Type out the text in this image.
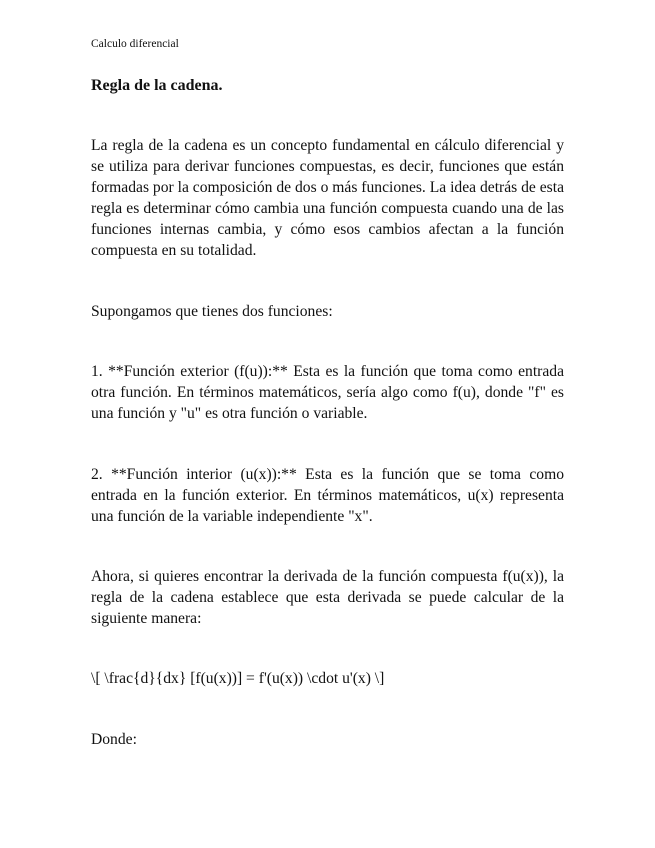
Calculo diferencial
Regla de la cadena.

La regla de la cadena es un concepto fundamental en cálculo diferencial y se utiliza para derivar funciones compuestas, es decir, funciones que están formadas por la composición de dos o más funciones. La idea detrás de esta regla es determinar cómo cambia una función compuesta cuando una de las funciones internas cambia, y cómo esos cambios afectan a la función compuesta en su totalidad.

Supongamos que tienes dos funciones:

1. **Función exterior (f(u)):** Esta es la función que toma como entrada otra función. En términos matemáticos, sería algo como f(u), donde "f" es una función y "u" es otra función o variable.

2. **Función interior (u(x)):** Esta es la función que se toma como entrada en la función exterior. En términos matemáticos, u(x) representa una función de la variable independiente "x".

Ahora, si quieres encontrar la derivada de la función compuesta f(u(x)), la regla de la cadena establece que esta derivada se puede calcular de la siguiente manera:

\[ \frac{d}{dx} [f(u(x))] = f'(u(x)) \cdot u'(x) \]

Donde:
